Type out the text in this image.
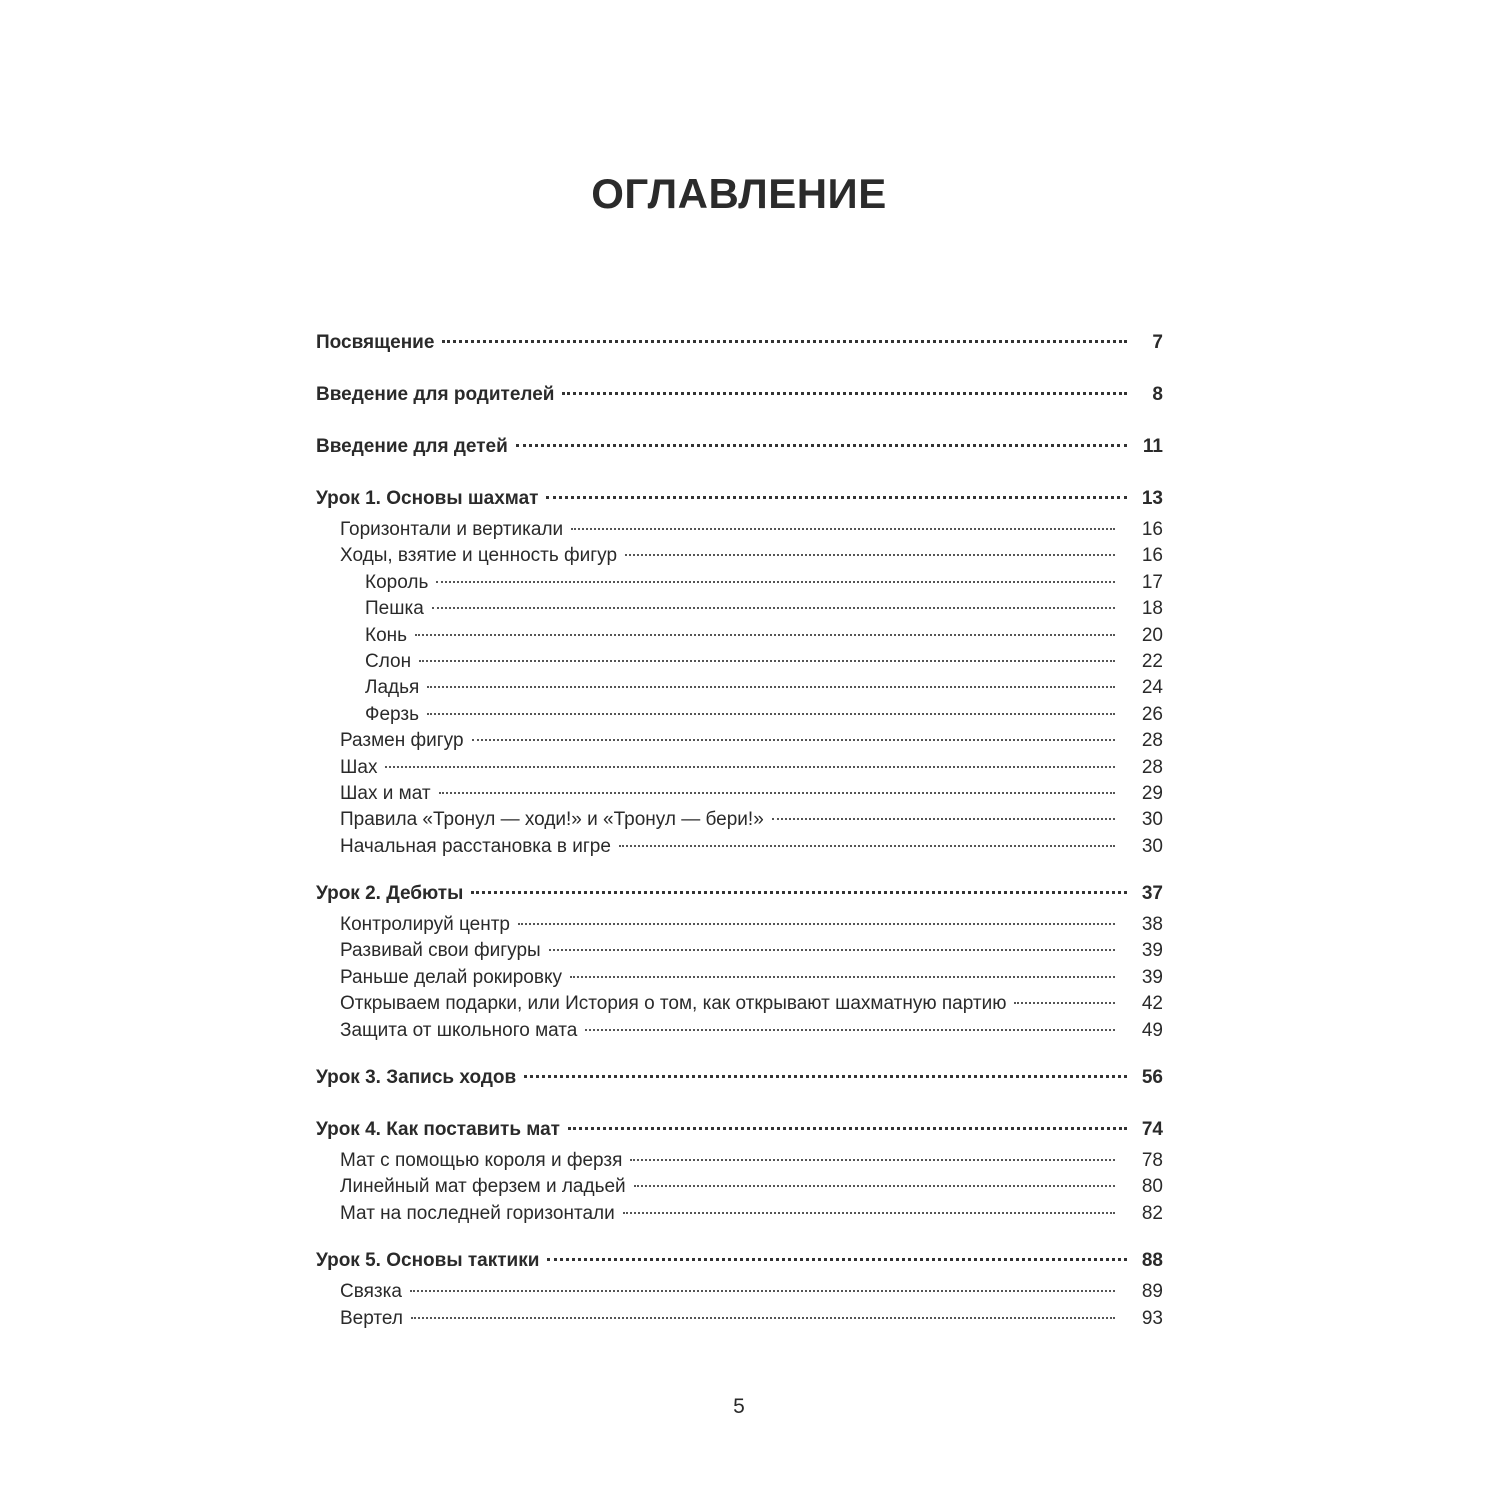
ОГЛАВЛЕНИЕ
Посвящение	7
Введение для родителей	8
Введение для детей	11
Урок 1. Основы шахмат	13
Горизонтали и вертикали	16
Ходы, взятие и ценность фигур	16
Король	17
Пешка	18
Конь	20
Слон	22
Ладья	24
Ферзь	26
Размен фигур	28
Шах	28
Шах и мат	29
Правила «Тронул — ходи!» и «Тронул — бери!»	30
Начальная расстановка в игре	30
Урок 2. Дебюты	37
Контролируй центр	38
Развивай свои фигуры	39
Раньше делай рокировку	39
Открываем подарки, или История о том, как открывают шахматную партию	42
Защита от школьного мата	49
Урок 3. Запись ходов	56
Урок 4. Как поставить мат	74
Мат с помощью короля и ферзя	78
Линейный мат ферзем и ладьей	80
Мат на последней горизонтали	82
Урок 5. Основы тактики	88
Связка	89
Вертел	93
5
